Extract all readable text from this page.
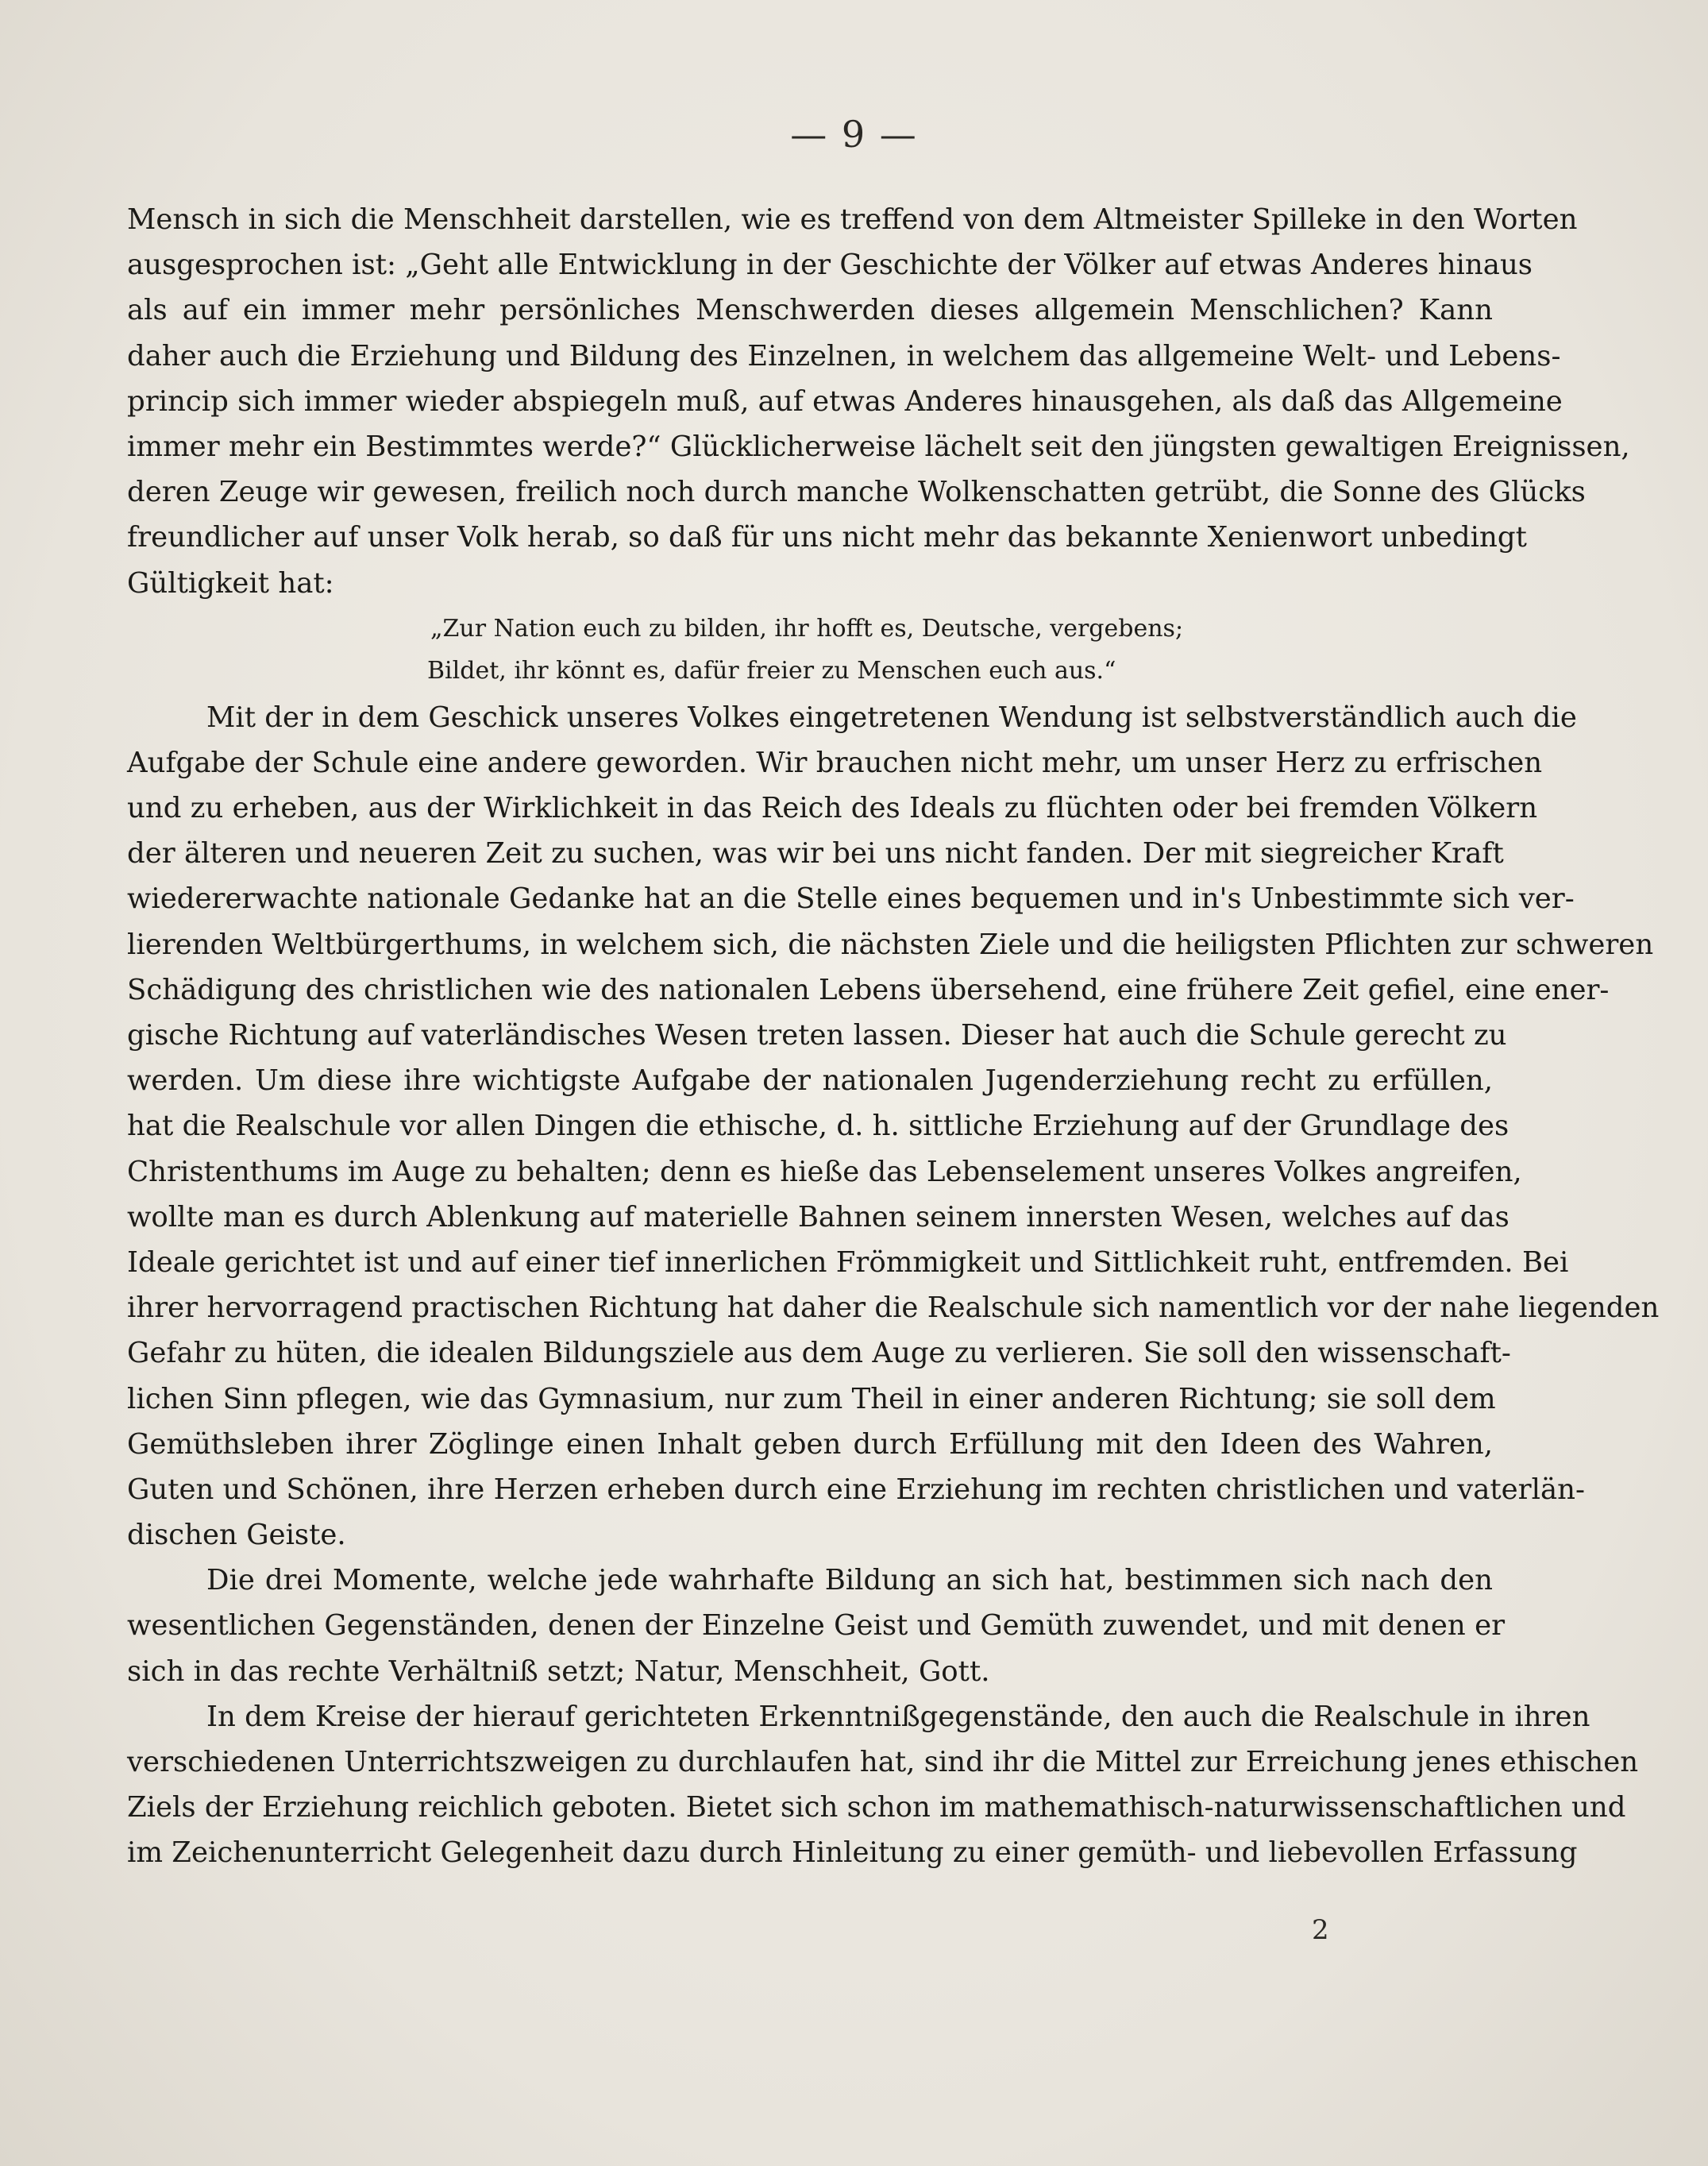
— 9 —
Mensch in sich die Menschheit darstellen, wie es treffend von dem Altmeister Spilleke in den Worten
ausgesprochen ist: „Geht alle Entwicklung in der Geschichte der Völker auf etwas Anderes hinaus
als auf ein immer mehr persönliches Menschwerden dieses allgemein Menschlichen? Kann
daher auch die Erziehung und Bildung des Einzelnen, in welchem das allgemeine Welt- und Lebens-
princip sich immer wieder abspiegeln muß, auf etwas Anderes hinausgehen, als daß das Allgemeine
immer mehr ein Bestimmtes werde?“ Glücklicherweise lächelt seit den jüngsten gewaltigen Ereignissen,
deren Zeuge wir gewesen, freilich noch durch manche Wolkenschatten getrübt, die Sonne des Glücks
freundlicher auf unser Volk herab, so daß für uns nicht mehr das bekannte Xenienwort unbedingt
Gültigkeit hat:
„Zur Nation euch zu bilden, ihr hofft es, Deutsche, vergebens;
Bildet, ihr könnt es, dafür freier zu Menschen euch aus.“
Mit der in dem Geschick unseres Volkes eingetretenen Wendung ist selbstverständlich auch die
Aufgabe der Schule eine andere geworden. Wir brauchen nicht mehr, um unser Herz zu erfrischen
und zu erheben, aus der Wirklichkeit in das Reich des Ideals zu flüchten oder bei fremden Völkern
der älteren und neueren Zeit zu suchen, was wir bei uns nicht fanden. Der mit siegreicher Kraft
wiedererwachte nationale Gedanke hat an die Stelle eines bequemen und in's Unbestimmte sich ver-
lierenden Weltbürgerthums, in welchem sich, die nächsten Ziele und die heiligsten Pflichten zur schweren
Schädigung des christlichen wie des nationalen Lebens übersehend, eine frühere Zeit gefiel, eine ener-
gische Richtung auf vaterländisches Wesen treten lassen. Dieser hat auch die Schule gerecht zu
werden. Um diese ihre wichtigste Aufgabe der nationalen Jugenderziehung recht zu erfüllen,
hat die Realschule vor allen Dingen die ethische, d. h. sittliche Erziehung auf der Grundlage des
Christenthums im Auge zu behalten; denn es hieße das Lebenselement unseres Volkes angreifen,
wollte man es durch Ablenkung auf materielle Bahnen seinem innersten Wesen, welches auf das
Ideale gerichtet ist und auf einer tief innerlichen Frömmigkeit und Sittlichkeit ruht, entfremden. Bei
ihrer hervorragend practischen Richtung hat daher die Realschule sich namentlich vor der nahe liegenden
Gefahr zu hüten, die idealen Bildungsziele aus dem Auge zu verlieren. Sie soll den wissenschaft-
lichen Sinn pflegen, wie das Gymnasium, nur zum Theil in einer anderen Richtung; sie soll dem
Gemüthsleben ihrer Zöglinge einen Inhalt geben durch Erfüllung mit den Ideen des Wahren,
Guten und Schönen, ihre Herzen erheben durch eine Erziehung im rechten christlichen und vaterlän-
dischen Geiste.
Die drei Momente, welche jede wahrhafte Bildung an sich hat, bestimmen sich nach den
wesentlichen Gegenständen, denen der Einzelne Geist und Gemüth zuwendet, und mit denen er
sich in das rechte Verhältniß setzt; Natur, Menschheit, Gott.
In dem Kreise der hierauf gerichteten Erkenntnißgegenstände, den auch die Realschule in ihren
verschiedenen Unterrichtszweigen zu durchlaufen hat, sind ihr die Mittel zur Erreichung jenes ethischen
Ziels der Erziehung reichlich geboten. Bietet sich schon im mathemathisch-naturwissenschaftlichen und
im Zeichenunterricht Gelegenheit dazu durch Hinleitung zu einer gemüth- und liebevollen Erfassung
2
